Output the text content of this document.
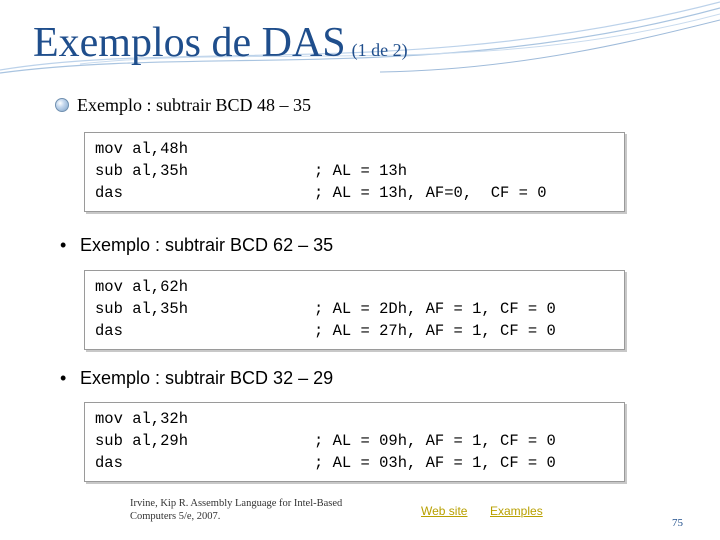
Exemplos de DAS (1 de 2)
Exemplo : subtrair BCD 48 – 35
mov al,48h
sub al,35h
das
; AL = 13h
; AL = 13h, AF=0,  CF = 0
• Exemplo : subtrair BCD 62 – 35
mov al,62h
sub al,35h
das
; AL = 2Dh, AF = 1, CF = 0
; AL = 27h, AF = 1, CF = 0
• Exemplo : subtrair BCD 32 – 29
mov al,32h
sub al,29h
das
; AL = 09h, AF = 1, CF = 0
; AL = 03h, AF = 1, CF = 0
Irvine, Kip R. Assembly Language for Intel-Based Computers 5/e, 2007.	Web site Examples
75
